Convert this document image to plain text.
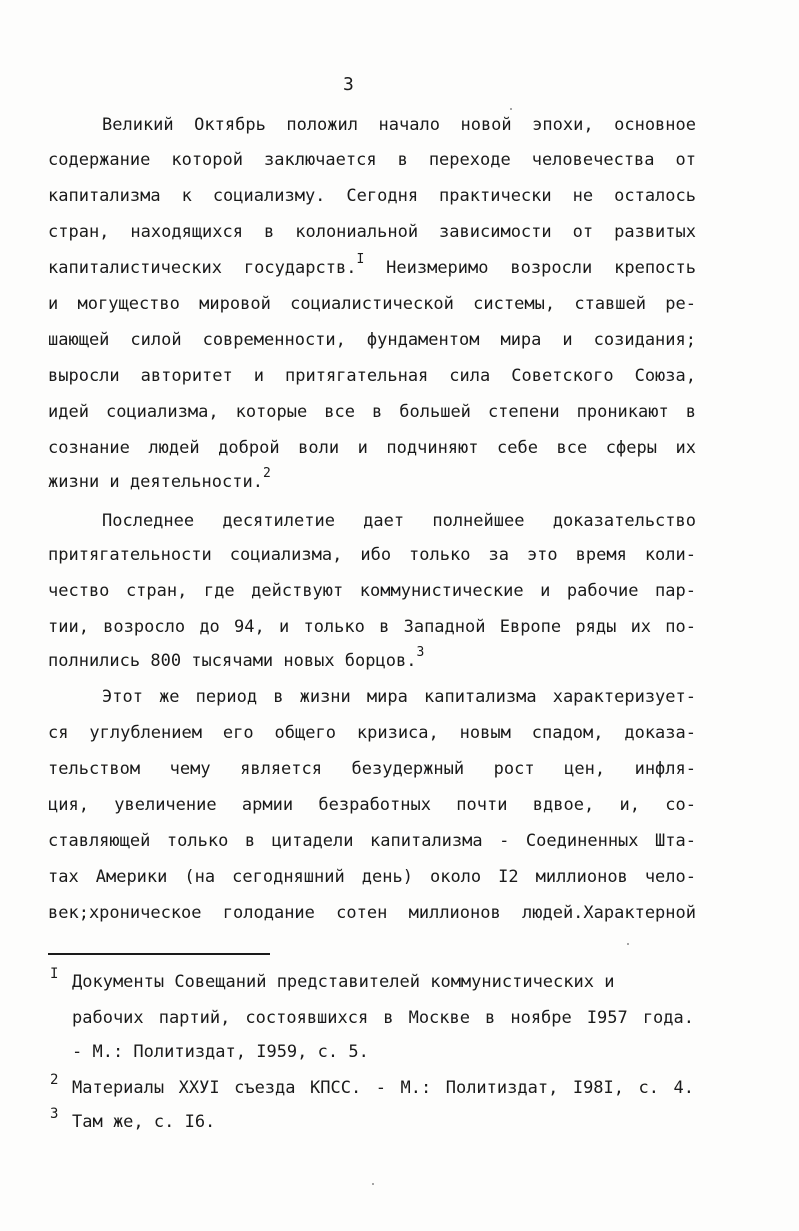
3
Великий Октябрь положил начало новой эпохи, основное
содержание которой заключается в переходе человечества от
капитализма к социализму. Сегодня практически не осталось
стран, находящихся в колониальной зависимости от развитых
капиталистических государств.$^I$ Неизмеримо возросли крепость
и могущество мировой социалистической системы, ставшей ре-
шающей силой современности, фундаментом мира и созидания;
выросли авторитет и притягательная сила Советского Союза,
идей социализма, которые все в большей степени проникают в
сознание людей доброй воли и подчиняют себе все сферы их
жизни и деятельности.$^2$
Последнее десятилетие дает полнейшее доказательство
притягательности социализма, ибо только за это время коли-
чество стран, где действуют коммунистические и рабочие пар-
тии, возросло до 94, и только в Западной Европе ряды их по-
полнились 800 тысячами новых борцов.$^3$
Этот же период в жизни мира капитализма характеризует-
ся углублением его общего кризиса, новым спадом, доказа-
тельством чему является безудержный рост цен, инфля-
ция, увеличение армии безработных почти вдвое, и, со-
ставляющей только в цитадели капитализма - Соединенных Шта-
тах Америки (на сегодняшний день) около I2 миллионов чело-
век;хроническое голодание сотен миллионов людей.Характерной
I Документы Совещаний представителей коммунистических и
рабочих партий, состоявшихся в Москве в ноябре I957 года.
- М.: Политиздат, I959, с. 5.
2 Материалы ХХУI съезда КПСС. - М.: Политиздат, I98I, с. 4.
3 Там же, с. I6.
